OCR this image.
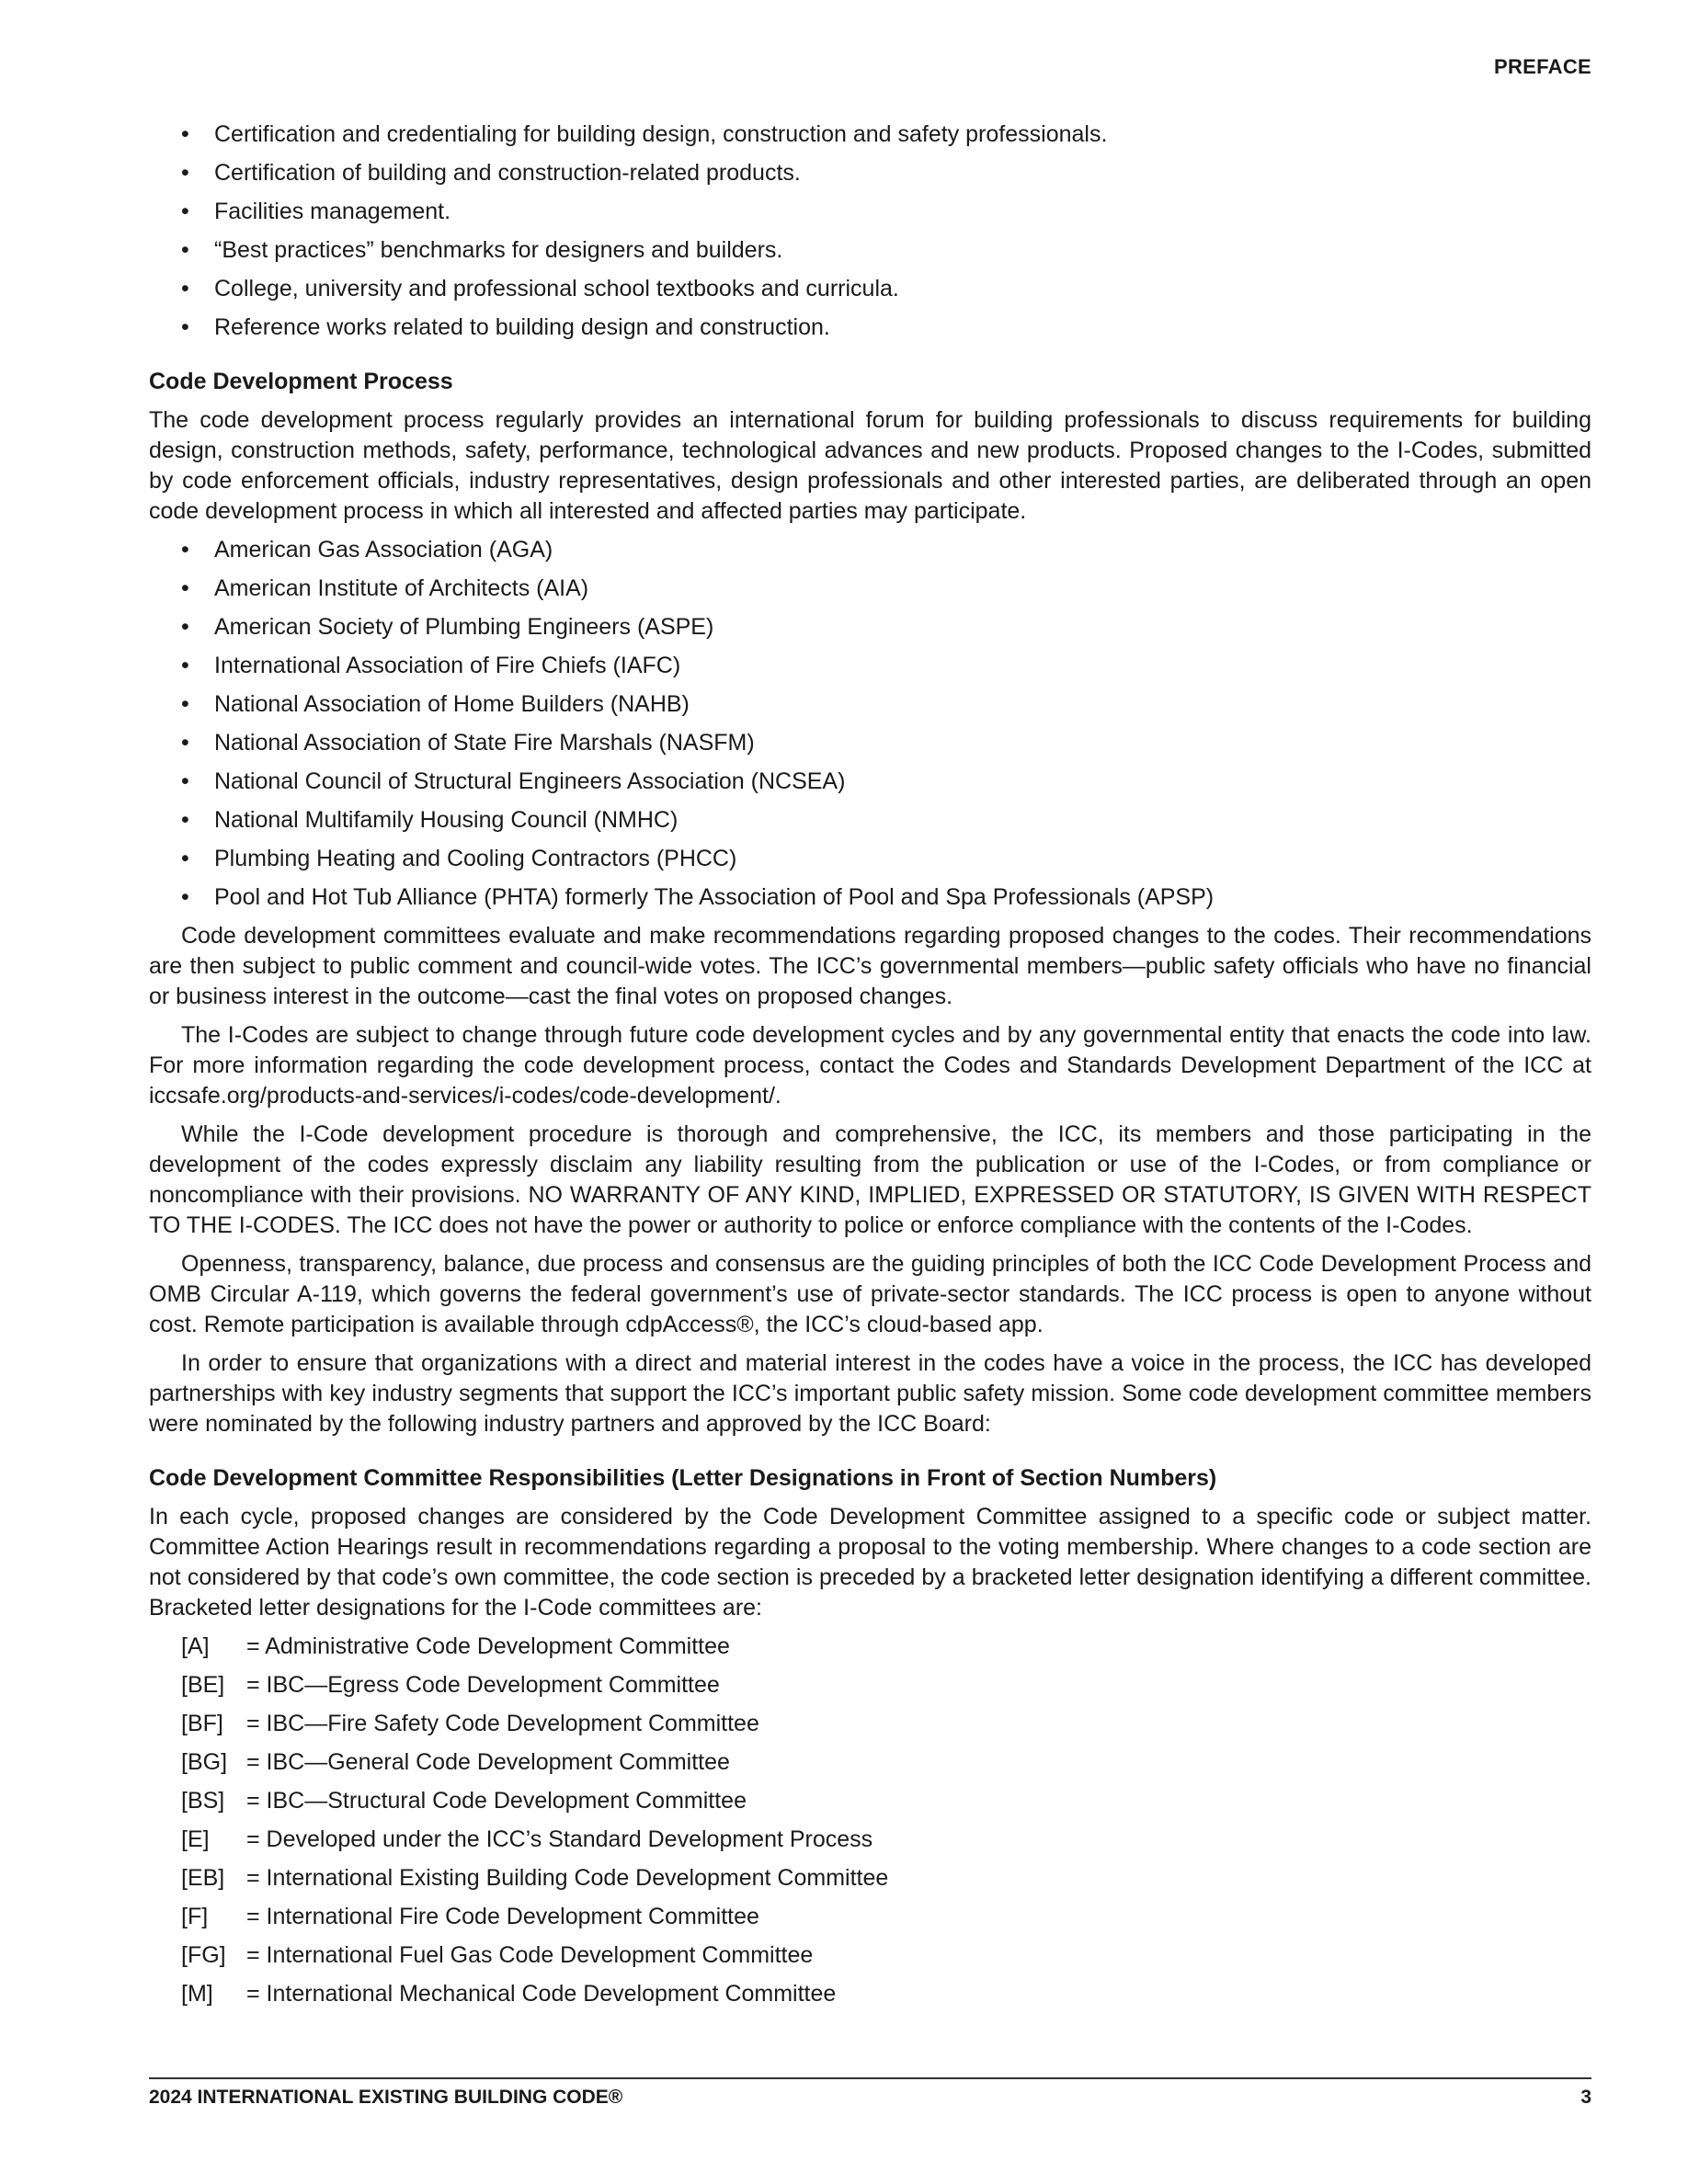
PREFACE
• Certification and credentialing for building design, construction and safety professionals.
• Certification of building and construction-related products.
• Facilities management.
• “Best practices” benchmarks for designers and builders.
• College, university and professional school textbooks and curricula.
• Reference works related to building design and construction.
Code Development Process

The code development process regularly provides an international forum for building professionals to discuss requirements for building design, construction methods, safety, performance, technological advances and new products. Proposed changes to the I-Codes, submitted by code enforcement officials, industry representatives, design professionals and other interested parties, are deliberated through an open code development process in which all interested and affected parties may participate.

• American Gas Association (AGA)
• American Institute of Architects (AIA)
• American Society of Plumbing Engineers (ASPE)
• International Association of Fire Chiefs (IAFC)
• National Association of Home Builders (NAHB)
• National Association of State Fire Marshals (NASFM)
• National Council of Structural Engineers Association (NCSEA)
• National Multifamily Housing Council (NMHC)
• Plumbing Heating and Cooling Contractors (PHCC)
• Pool and Hot Tub Alliance (PHTA) formerly The Association of Pool and Spa Professionals (APSP)

Code development committees evaluate and make recommendations regarding proposed changes to the codes. Their recommendations are then subject to public comment and council-wide votes. The ICC’s governmental members—public safety officials who have no financial or business interest in the outcome—cast the final votes on proposed changes.

The I-Codes are subject to change through future code development cycles and by any governmental entity that enacts the code into law. For more information regarding the code development process, contact the Codes and Standards Development Department of the ICC at iccsafe.org/products-and-services/i-codes/code-development/.

While the I-Code development procedure is thorough and comprehensive, the ICC, its members and those participating in the development of the codes expressly disclaim any liability resulting from the publication or use of the I-Codes, or from compliance or noncompliance with their provisions. NO WARRANTY OF ANY KIND, IMPLIED, EXPRESSED OR STATUTORY, IS GIVEN WITH RESPECT TO THE I-CODES. The ICC does not have the power or authority to police or enforce compliance with the contents of the I-Codes.

Openness, transparency, balance, due process and consensus are the guiding principles of both the ICC Code Development Process and OMB Circular A-119, which governs the federal government’s use of private-sector standards. The ICC process is open to anyone without cost. Remote participation is available through cdpAccess®, the ICC’s cloud-based app.

In order to ensure that organizations with a direct and material interest in the codes have a voice in the process, the ICC has developed partnerships with key industry segments that support the ICC’s important public safety mission. Some code development committee members were nominated by the following industry partners and approved by the ICC Board:

Code Development Committee Responsibilities (Letter Designations in Front of Section Numbers)

In each cycle, proposed changes are considered by the Code Development Committee assigned to a specific code or subject matter. Committee Action Hearings result in recommendations regarding a proposal to the voting membership. Where changes to a code section are not considered by that code’s own committee, the code section is preceded by a bracketed letter designation identifying a different committee. Bracketed letter designations for the I-Code committees are:

[A]	= Administrative Code Development Committee
[BE] = IBC—Egress Code Development Committee
[BF]	= IBC—Fire Safety Code Development Committee
[BG] = IBC—General Code Development Committee
[BS] = IBC—Structural Code Development Committee
[E]	= Developed under the ICC’s Standard Development Process
[EB] = International Existing Building Code Development Committee
[F]	= International Fire Code Development Committee
[FG] = International Fuel Gas Code Development Committee
[M]	= International Mechanical Code Development Committee
2024 INTERNATIONAL EXISTING BUILDING CODE®	3
